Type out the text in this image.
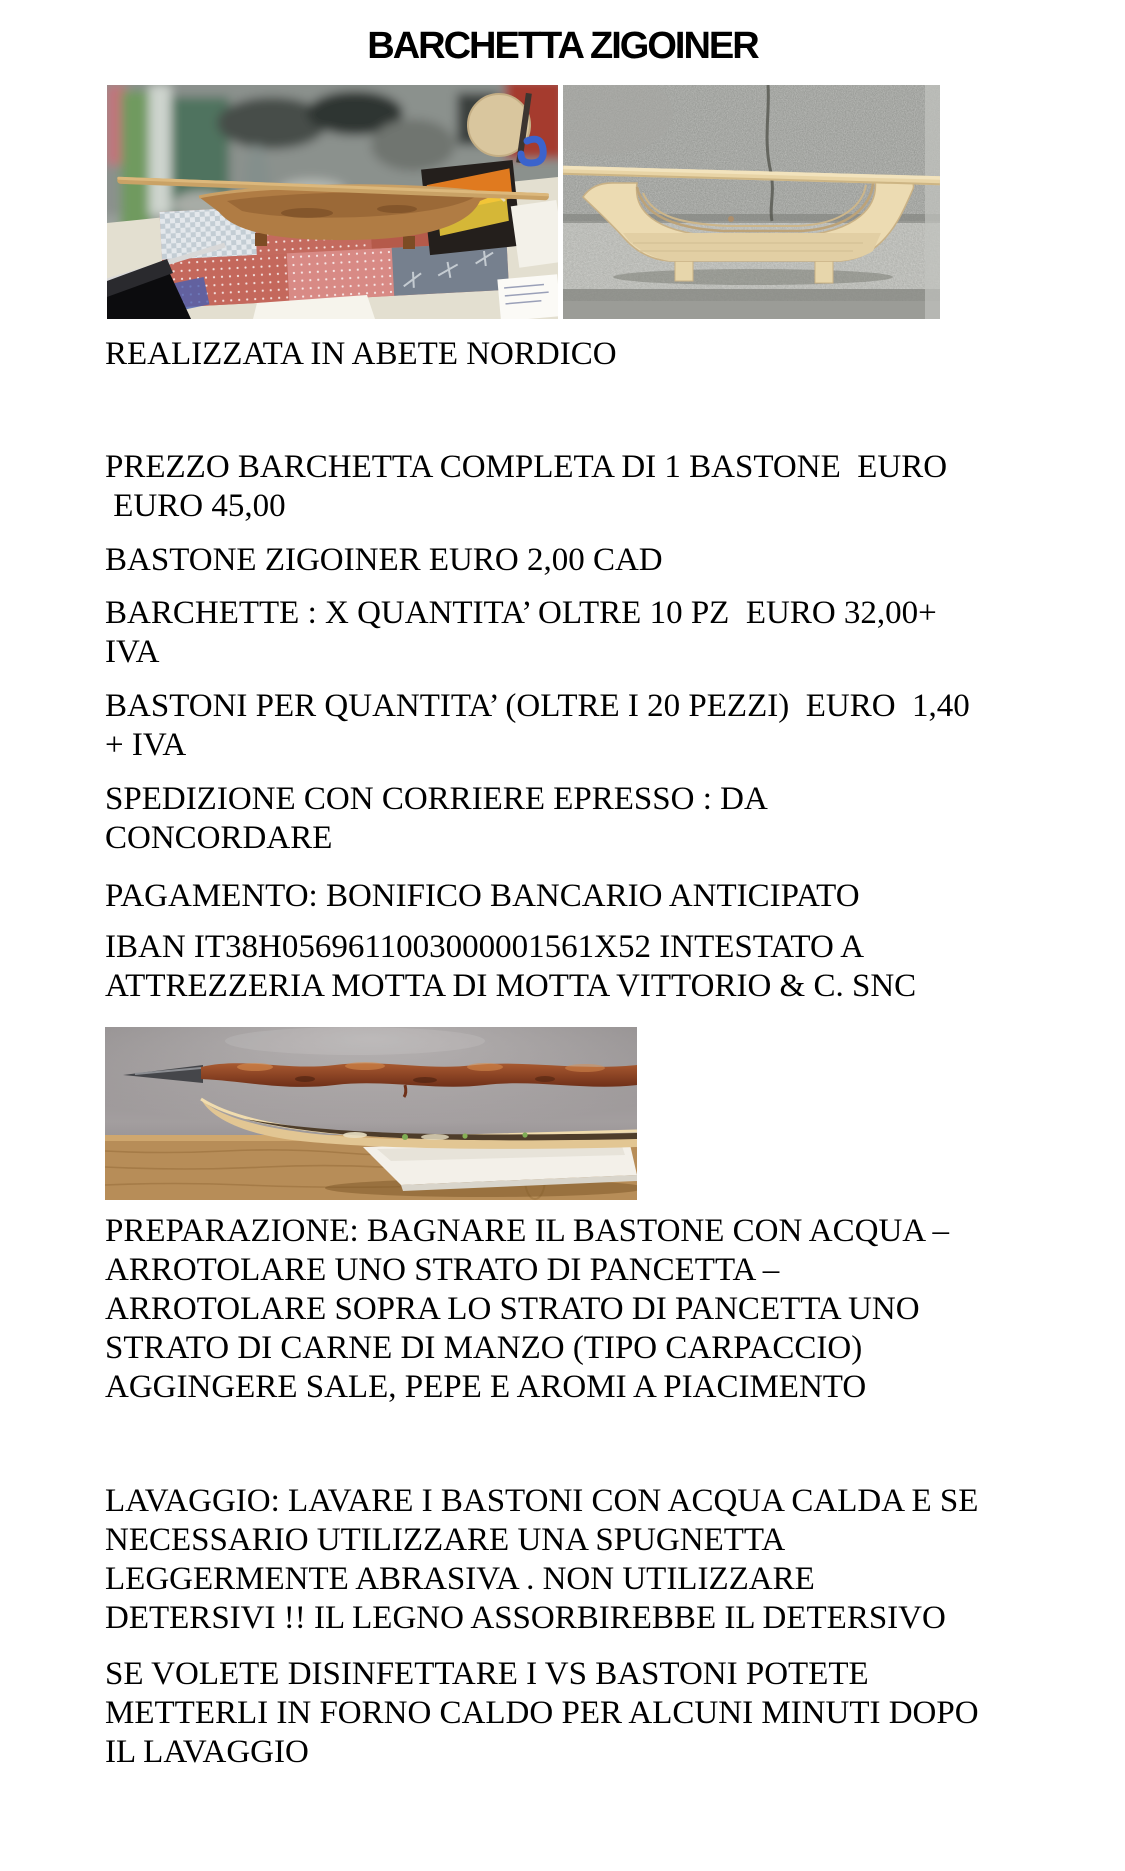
BARCHETTA ZIGOINER
REALIZZATA IN ABETE NORDICO
PREZZO BARCHETTA COMPLETA DI 1 BASTONE  EURO
EURO 45,00
BASTONE ZIGOINER EURO 2,00 CAD
BARCHETTE : X QUANTITA’ OLTRE 10 PZ  EURO 32,00+
IVA
BASTONI PER QUANTITA’ (OLTRE I 20 PEZZI)  EURO  1,40
+ IVA
SPEDIZIONE CON CORRIERE EPRESSO : DA
CONCORDARE
PAGAMENTO: BONIFICO BANCARIO ANTICIPATO
IBAN IT38H0569611003000001561X52 INTESTATO A
ATTREZZERIA MOTTA DI MOTTA VITTORIO & C. SNC
PREPARAZIONE: BAGNARE IL BASTONE CON ACQUA –
ARROTOLARE UNO STRATO DI PANCETTA –
ARROTOLARE SOPRA LO STRATO DI PANCETTA UNO
STRATO DI CARNE DI MANZO (TIPO CARPACCIO)
AGGINGERE SALE, PEPE E AROMI A PIACIMENTO
LAVAGGIO: LAVARE I BASTONI CON ACQUA CALDA E SE
NECESSARIO UTILIZZARE UNA SPUGNETTA
LEGGERMENTE ABRASIVA . NON UTILIZZARE
DETERSIVI !! IL LEGNO ASSORBIREBBE IL DETERSIVO
SE VOLETE DISINFETTARE I VS BASTONI POTETE
METTERLI IN FORNO CALDO PER ALCUNI MINUTI DOPO
IL LAVAGGIO
